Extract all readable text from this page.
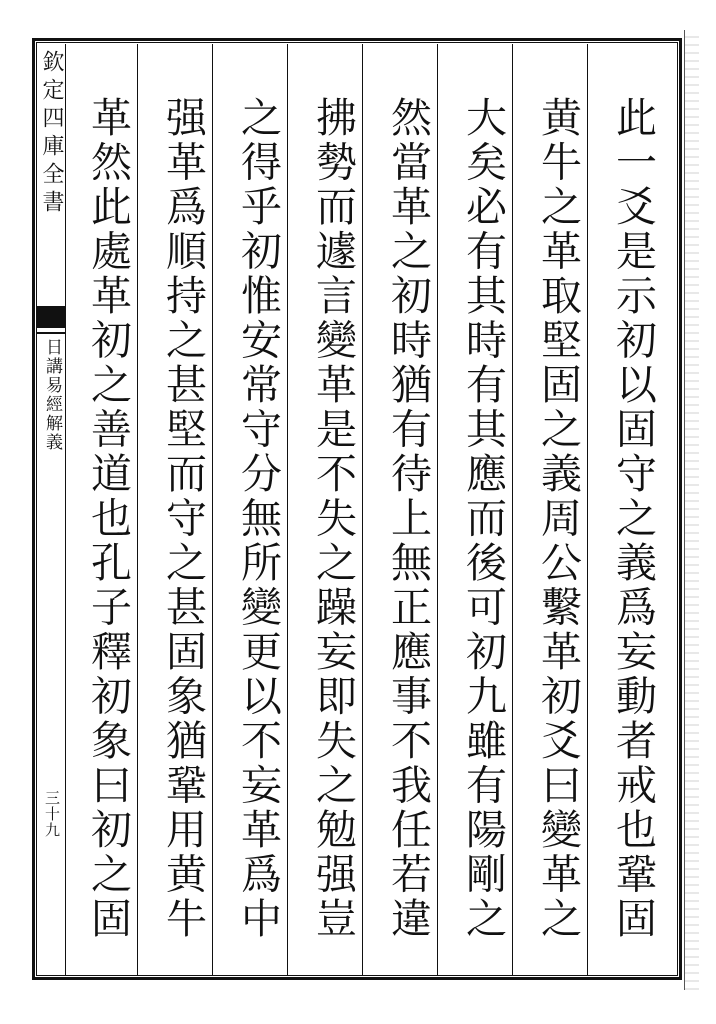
欽定四庫全書
日講易經解義
三十九
此一爻是示初以固守之義爲妄動者戒也鞏固
黄牛之革取堅固之義周公繫革初爻曰變革之
大矣必有其時有其應而後可初九雖有陽剛之
然當革之初時猶有待上無正應事不我任若違
拂勢而遽言變革是不失之躁妄即失之勉强豈
之得乎初惟安常守分無所變更以不妄革爲中
强革爲順持之甚堅而守之甚固象猶鞏用黄牛
革然此處革初之善道也孔子釋初象曰初之固
